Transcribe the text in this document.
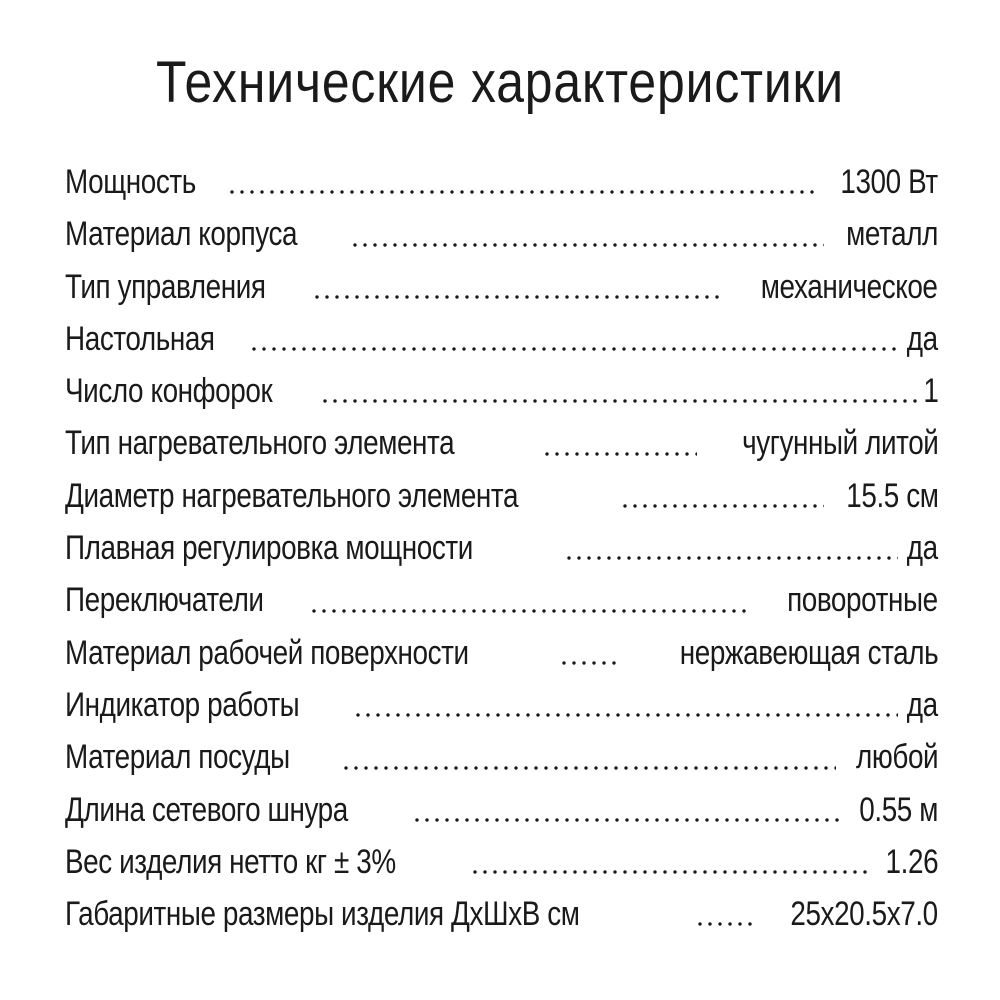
Технические характеристики
Мощность	1300 Вт
Материал корпуса	металл
Тип управления	механическое
Настольная	да
Число конфорок	1
Тип нагревательного элемента	чугунный литой
Диаметр нагревательного элемента	15.5 см
Плавная регулировка мощности	да
Переключатели	поворотные
Материал рабочей поверхности	нержавеющая сталь
Индикатор работы	да
Материал посуды	любой
Длина сетевого шнура	0.55 м
Вес изделия нетто кг ± 3%	1.26
Габаритные размеры изделия ДхШхВ см	25x20.5x7.0
